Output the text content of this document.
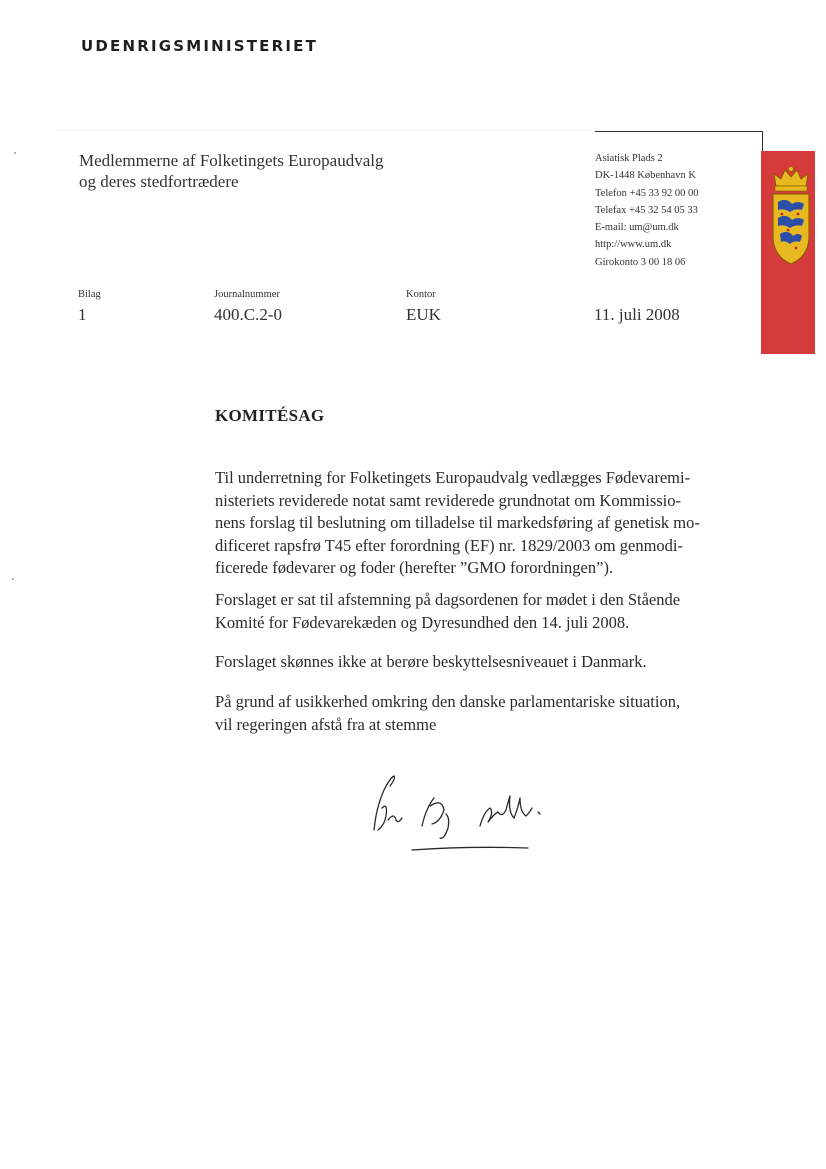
UDENRIGSMINISTERIET
Medlemmerne af Folketingets Europaudvalg
og deres stedfortrædere
Asiatisk Plads 2
DK-1448 København K
Telefon +45 33 92 00 00
Telefax +45 32 54 05 33
E-mail: um@um.dk
http://www.um.dk
Girokonto 3 00 18 06
Bilag
1
Journalnummer
400.C.2-0
Kontor
EUK	11. juli 2008
KOMITÉSAG
Til underretning for Folketingets Europaudvalg vedlægges Fødevaremi-
nisteriets reviderede notat samt reviderede grundnotat om Kommissio-
nens forslag til beslutning om tilladelse til markedsføring af genetisk mo-
dificeret rapsfrø T45 efter forordning (EF) nr. 1829/2003 om genmodi-
ficerede fødevarer og foder (herefter ”GMO forordningen”).
Forslaget er sat til afstemning på dagsordenen for mødet i den Stående
Komité for Fødevarekæden og Dyresundhed den 14. juli 2008.
Forslaget skønnes ikke at berøre beskyttelsesniveauet i Danmark.
På grund af usikkerhed omkring den danske parlamentariske situation,
vil regeringen afstå fra at stemme
